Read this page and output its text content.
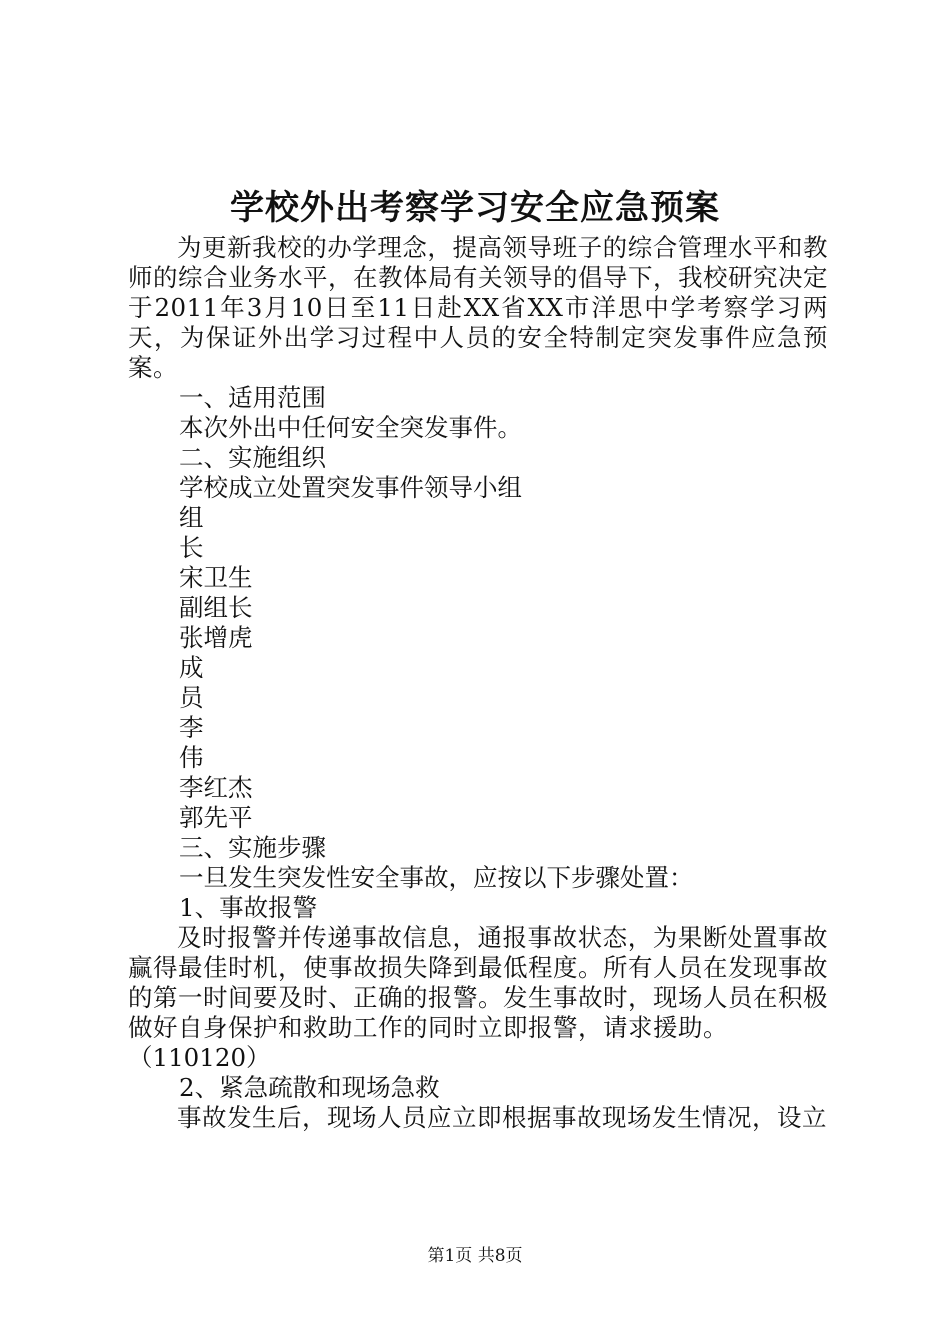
学校外出考察学习安全应急预案

为更新我校的办学理念，提高领导班子的综合管理水平和教师的综合业务水平，在教体局有关领导的倡导下，我校研究决定于2011年3月10日至11日赴XX省XX市洋思中学考察学习两天，为保证外出学习过程中人员的安全特制定突发事件应急预案。

一、适用范围
本次外出中任何安全突发事件。
二、实施组织
学校成立处置突发事件领导小组
组
长
宋卫生
副组长
张增虎
成
员
李
伟
李红杰
郭先平
三、实施步骤
一旦发生突发性安全事故，应按以下步骤处置：
1、事故报警

及时报警并传递事故信息，通报事故状态，为果断处置事故赢得最佳时机，使事故损失降到最低程度。所有人员在发现事故的第一时间要及时、正确的报警。发生事故时，现场人员在积极做好自身保护和救助工作的同时立即报警，请求援助。

（110120）
2、紧急疏散和现场急救

事故发生后，现场人员应立即根据事故现场发生情况，设立

第1页 共8页
